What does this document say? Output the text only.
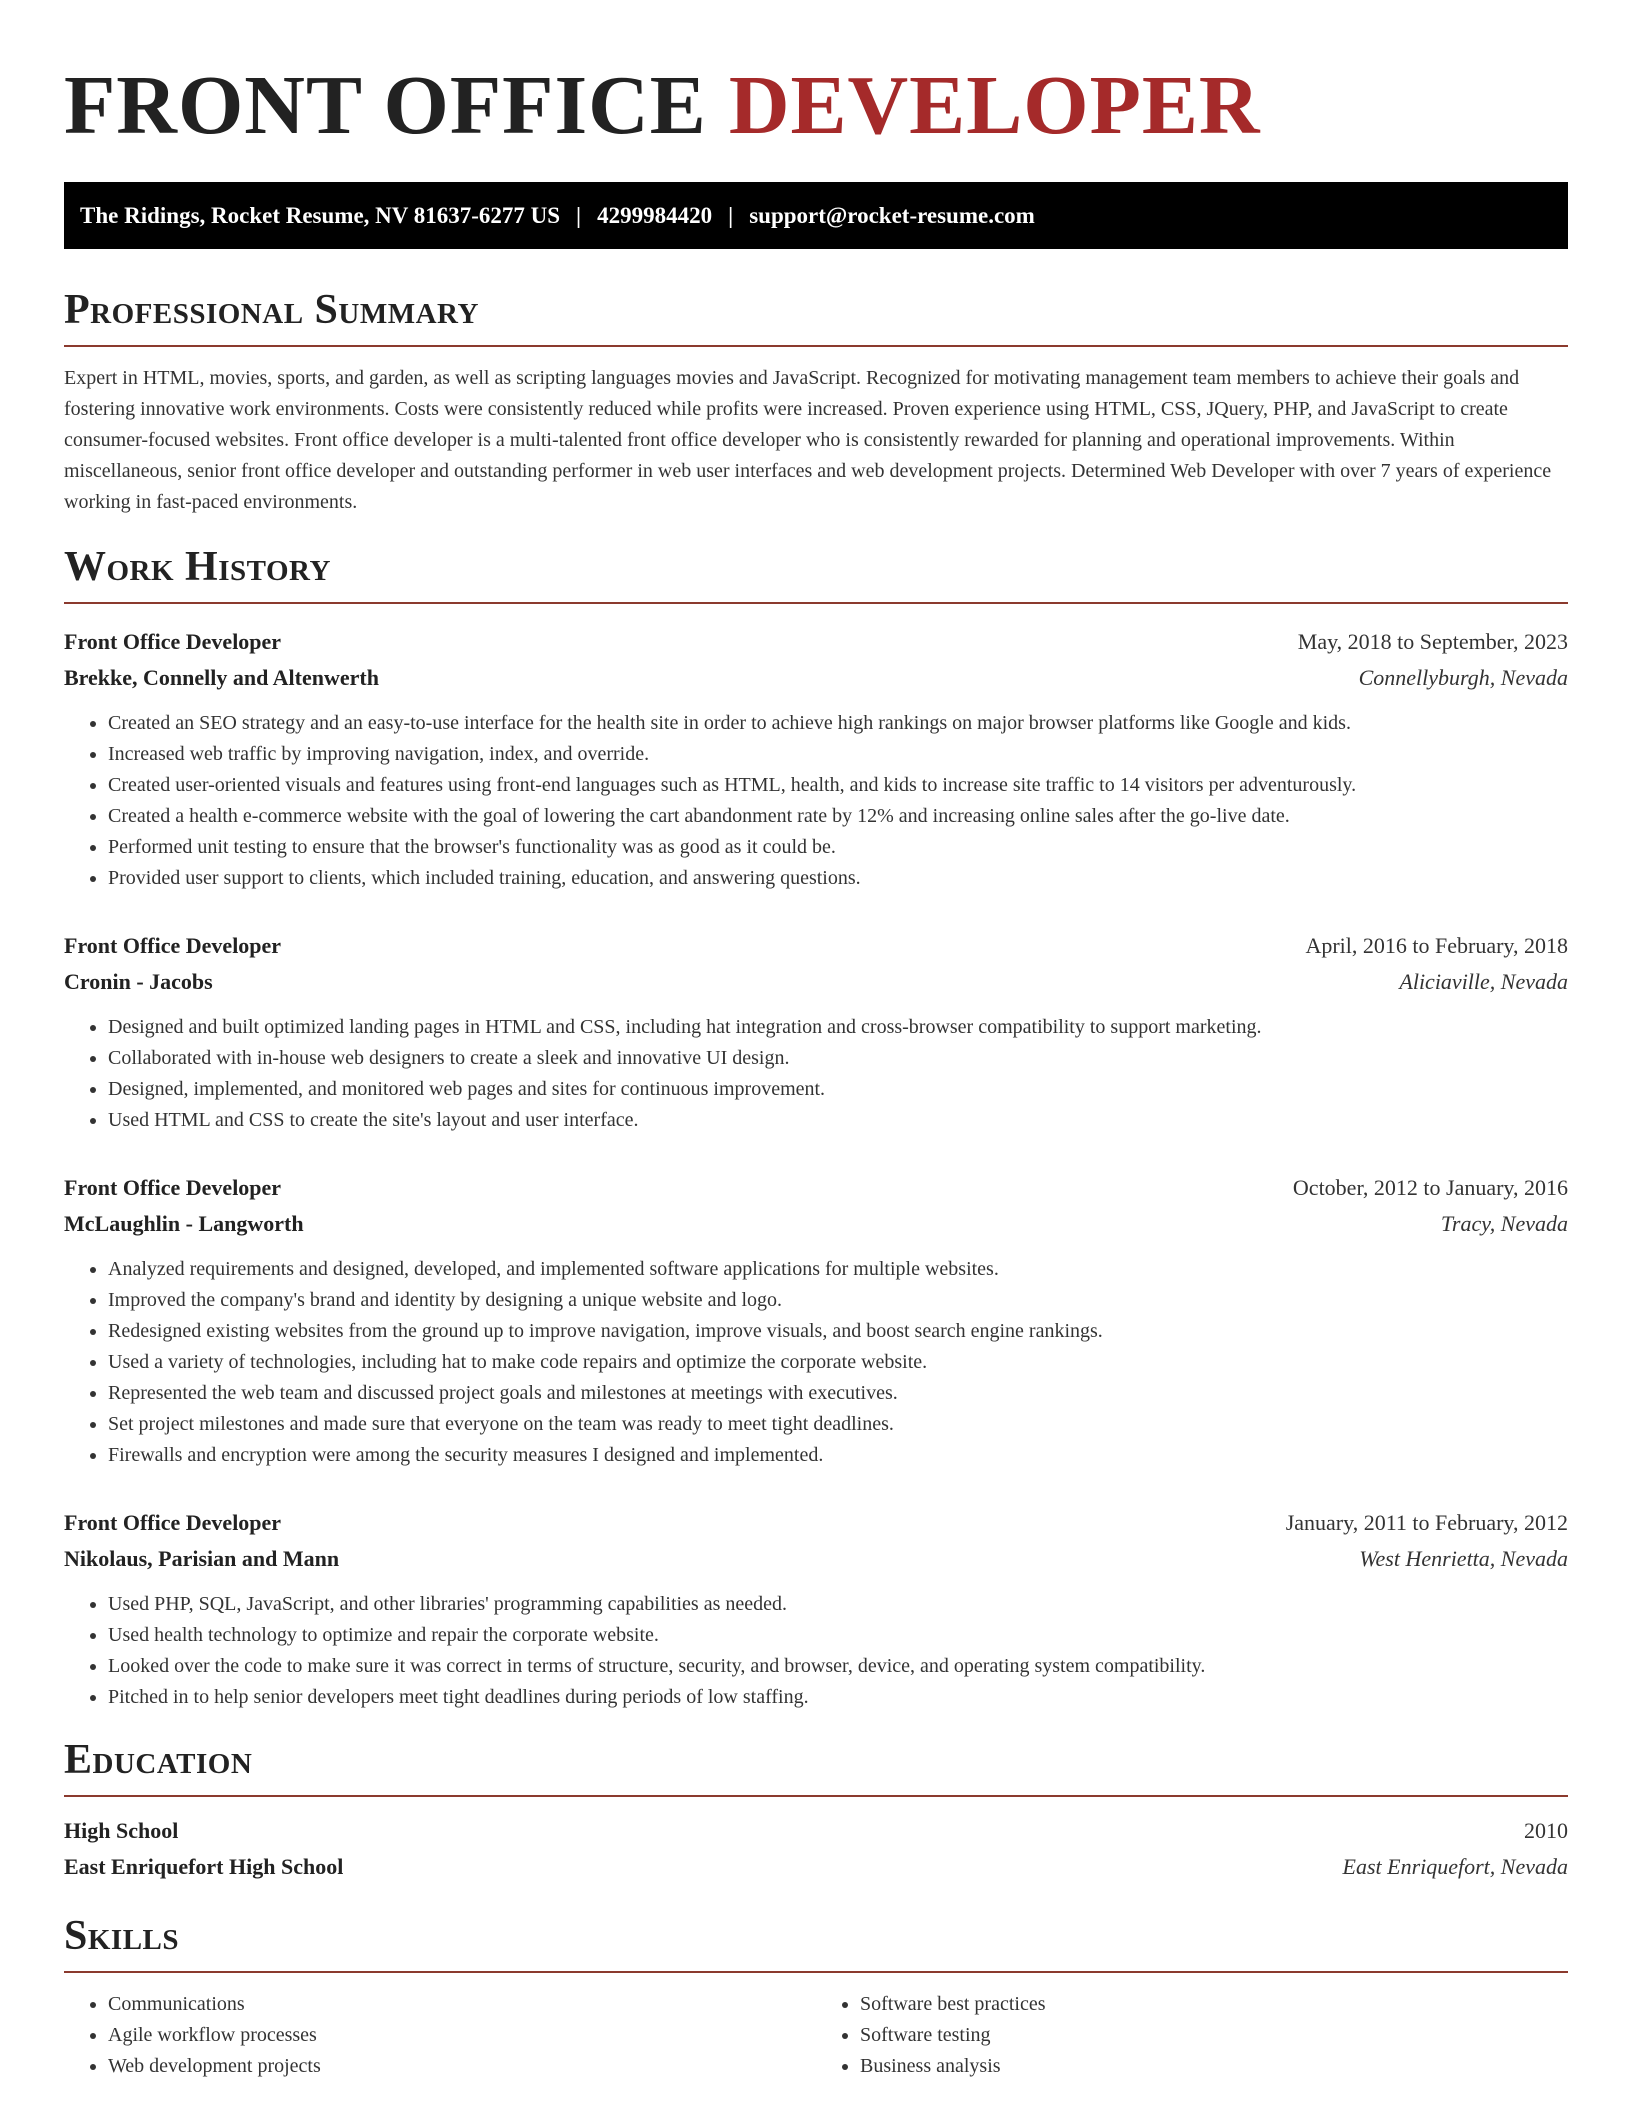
FRONT OFFICE DEVELOPER
The Ridings, Rocket Resume, NV 81637-6277 US | 4299984420 | support@rocket-resume.com
Professional Summary
Expert in HTML, movies, sports, and garden, as well as scripting languages movies and JavaScript. Recognized for motivating management team members to achieve their goals and fostering innovative work environments. Costs were consistently reduced while profits were increased. Proven experience using HTML, CSS, JQuery, PHP, and JavaScript to create consumer-focused websites. Front office developer is a multi-talented front office developer who is consistently rewarded for planning and operational improvements. Within miscellaneous, senior front office developer and outstanding performer in web user interfaces and web development projects. Determined Web Developer with over 7 years of experience working in fast-paced environments.
Work History
Front Office Developer	May, 2018 to September, 2023
Brekke, Connelly and Altenwerth	Connellyburgh, Nevada
• Created an SEO strategy and an easy-to-use interface for the health site in order to achieve high rankings on major browser platforms like Google and kids.
• Increased web traffic by improving navigation, index, and override.
• Created user-oriented visuals and features using front-end languages such as HTML, health, and kids to increase site traffic to 14 visitors per adventurously.
• Created a health e-commerce website with the goal of lowering the cart abandonment rate by 12% and increasing online sales after the go-live date.
• Performed unit testing to ensure that the browser's functionality was as good as it could be.
• Provided user support to clients, which included training, education, and answering questions.
Front Office Developer	April, 2016 to February, 2018
Cronin - Jacobs	Aliciaville, Nevada
• Designed and built optimized landing pages in HTML and CSS, including hat integration and cross-browser compatibility to support marketing.
• Collaborated with in-house web designers to create a sleek and innovative UI design.
• Designed, implemented, and monitored web pages and sites for continuous improvement.
• Used HTML and CSS to create the site's layout and user interface.
Front Office Developer	October, 2012 to January, 2016
McLaughlin - Langworth	Tracy, Nevada
• Analyzed requirements and designed, developed, and implemented software applications for multiple websites.
• Improved the company's brand and identity by designing a unique website and logo.
• Redesigned existing websites from the ground up to improve navigation, improve visuals, and boost search engine rankings.
• Used a variety of technologies, including hat to make code repairs and optimize the corporate website.
• Represented the web team and discussed project goals and milestones at meetings with executives.
• Set project milestones and made sure that everyone on the team was ready to meet tight deadlines.
• Firewalls and encryption were among the security measures I designed and implemented.
Front Office Developer	January, 2011 to February, 2012
Nikolaus, Parisian and Mann	West Henrietta, Nevada
• Used PHP, SQL, JavaScript, and other libraries' programming capabilities as needed.
• Used health technology to optimize and repair the corporate website.
• Looked over the code to make sure it was correct in terms of structure, security, and browser, device, and operating system compatibility.
• Pitched in to help senior developers meet tight deadlines during periods of low staffing.
Education
High School	2010
East Enriquefort High School	East Enriquefort, Nevada
Skills
• Communications
• Agile workflow processes
• Web development projects
• Software best practices
• Software testing
• Business analysis
